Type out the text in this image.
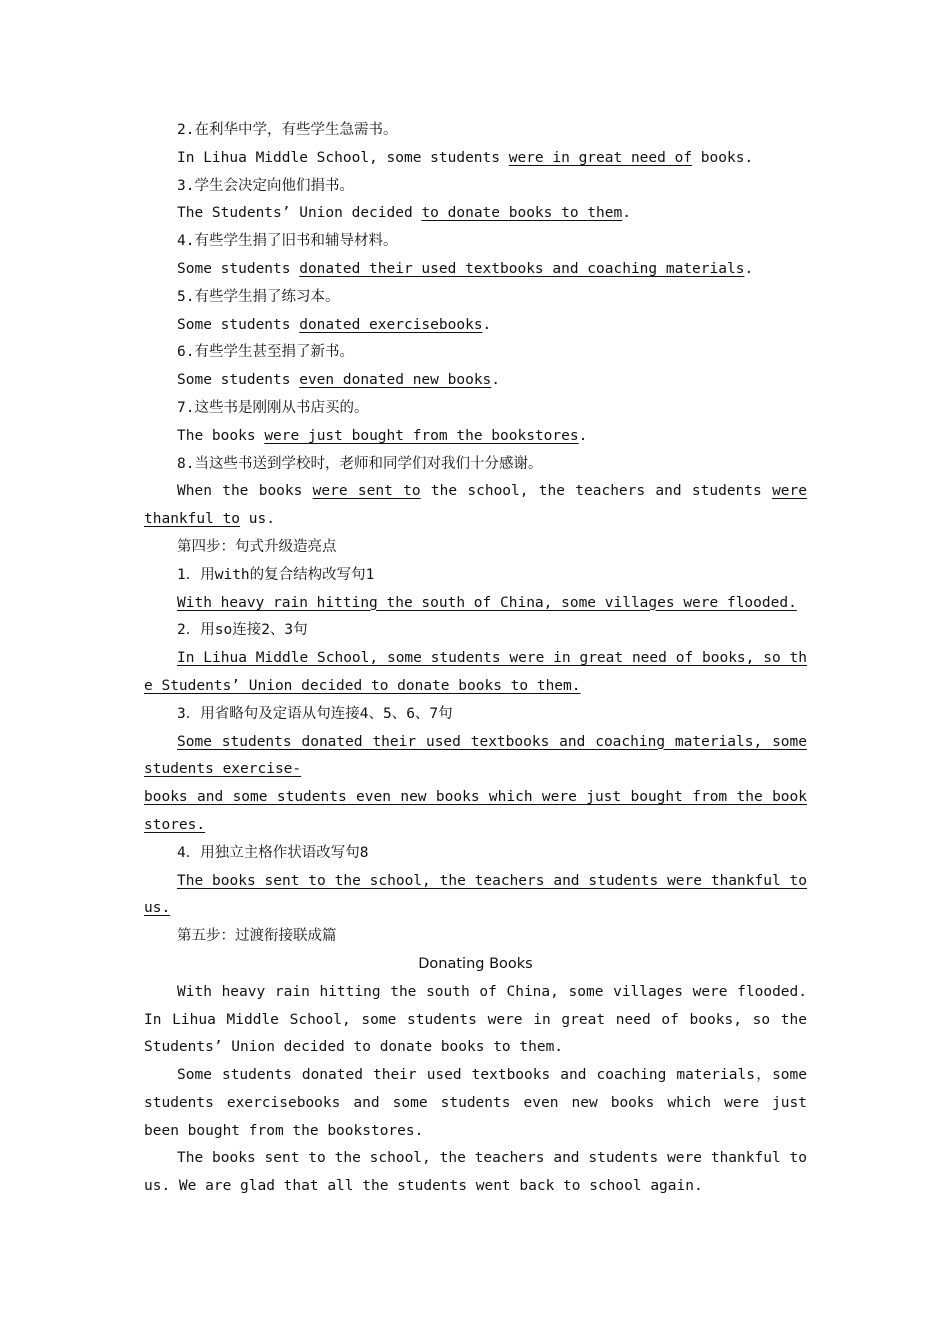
2.在利华中学，有些学生急需书。
In Lihua Middle School, some students were in great need of books.
3.学生会决定向他们捐书。
The Students’ Union decided to donate books to them.
4.有些学生捐了旧书和辅导材料。
Some students donated their used textbooks and coaching materials.
5.有些学生捐了练习本。
Some students donated exercisebooks.
6.有些学生甚至捐了新书。
Some students even donated new books.
7.这些书是刚刚从书店买的。
The books were just bought from the bookstores.
8.当这些书送到学校时，老师和同学们对我们十分感谢。
When the books were sent to the school, the teachers and students were thankful to us.
第四步：句式升级造亮点
1．用with的复合结构改写句1
With heavy rain hitting the south of China, some villages were flooded.
2．用so连接2、3句
In Lihua Middle School, some students were in great need of books, so the Students’ Union decided to donate books to them.
3．用省略句及定语从句连接4、5、6、7句
Some students donated their used textbooks and coaching materials, some students exercise-
books and some students even new books which were just bought from the bookstores.
4．用独立主格作状语改写句8
The books sent to the school, the teachers and students were thankful to us.
第五步：过渡衔接联成篇
Donating Books
With heavy rain hitting the south of China, some villages were flooded. In Lihua Middle School, some students were in great need of books, so the Students’ Union decided to donate books to them.
Some students donated their used textbooks and coaching materials，some students exercisebooks and some students even new books which were just been bought from the bookstores.
The books sent to the school, the teachers and students were thankful to us. We are glad that all the students went back to school again.
